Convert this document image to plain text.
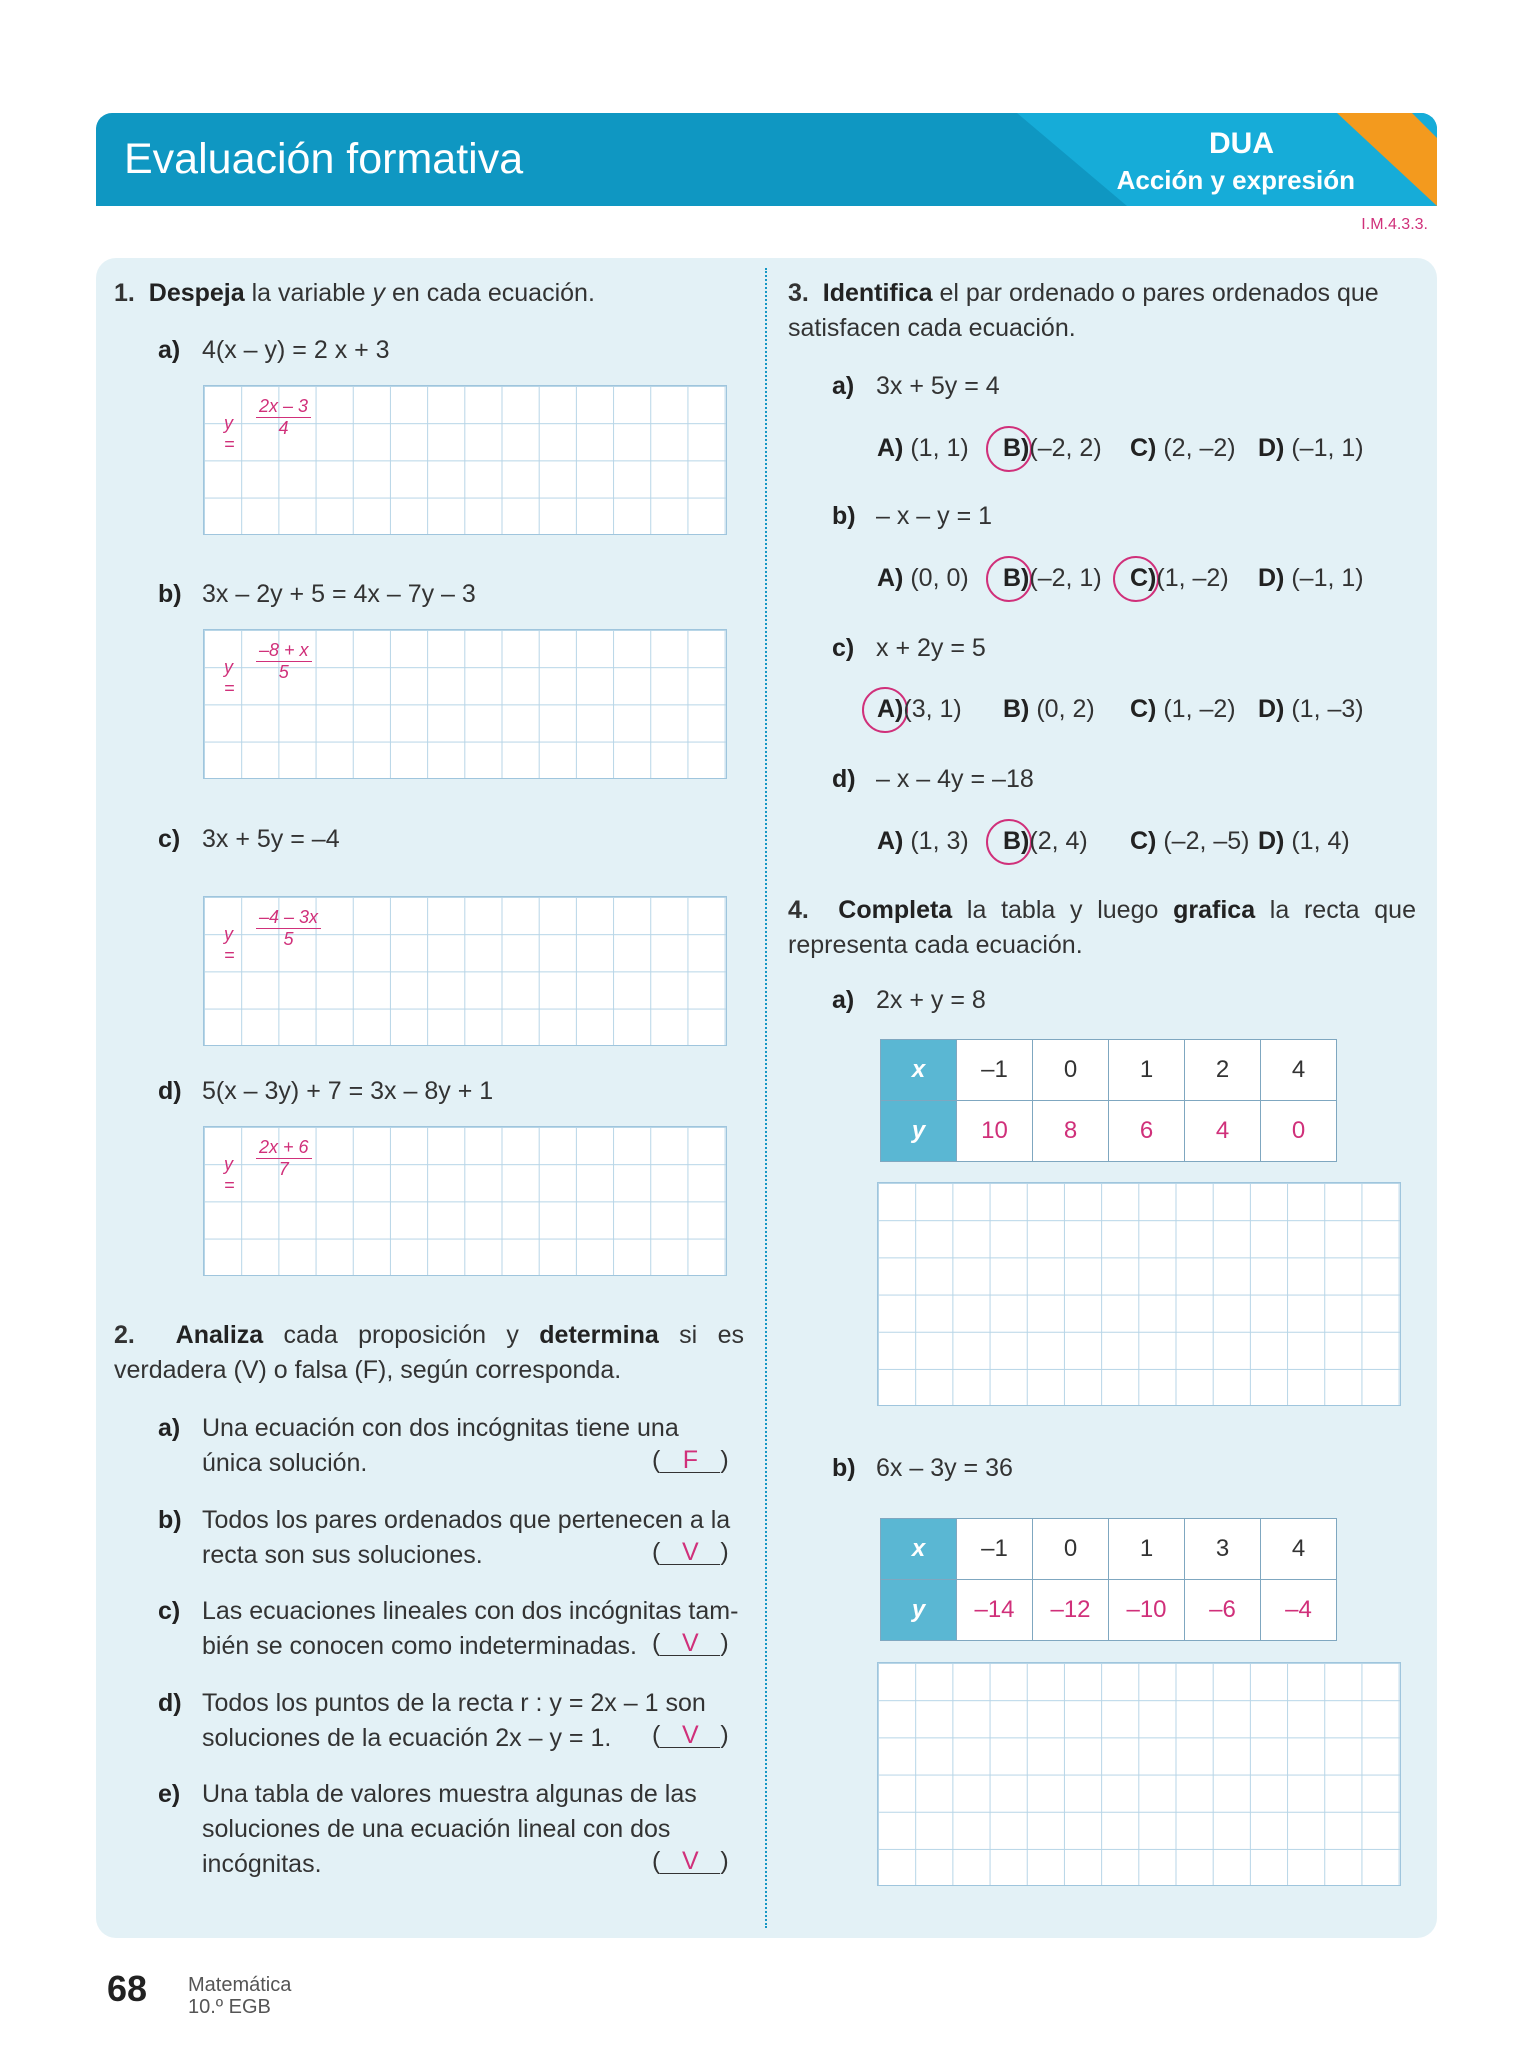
Evaluación formativa	DUA
Acción y expresión
I.M.4.3.3.
1. Despeja la variable y en cada ecuación.
a) 4(x – y) = 2 x + 3
y =
$\frac{2x - 3}{4}$
b) 3x – 2y + 5 = 4x – 7y – 3
y =
$\frac{-8 + x}{5}$
c) 3x + 5y = –4
y =
$\frac{-4 - 3x}{5}$
d) 5(x – 3y) + 7 = 3x – 8y + 1
y =
$\frac{2x + 6}{7}$
2. Analiza cada proposición y determina si es verdadera (V) o falsa (F), según corresponda.
a) Una ecuación con dos incógnitas tiene una
única solución.	( F )
b) Todos los pares ordenados que pertenecen a la
recta son sus soluciones.	( V )
c) Las ecuaciones lineales con dos incógnitas tam-
bién se conocen como indeterminadas. ( V )
d) Todos los puntos de la recta r : y = 2x – 1 son
soluciones de la ecuación 2x – y = 1.	( V )
e) Una tabla de valores muestra algunas de las
soluciones de una ecuación lineal con dos
incógnitas.	( V )
3. Identifica el par ordenado o pares ordenados que satisfacen cada ecuación.
a) 3x + 5y = 4
A) (1, 1) B)(–2, 2) C) (2, –2) D) (–1, 1)
b) – x – y = 1
A) (0, 0) B)(–2, 1) C)(1, –2) D) (–1, 1)
c) x + 2y = 5
A)(3, 1) B) (0, 2) C) (1, –2) D) (1, –3)
d) – x – 4y = –18
A) (1, 3) B)(2, 4) C) (–2, –5) D) (1, 4)
4. Completa la tabla y luego grafica la recta que representa cada ecuación.
a) 2x + y = 8
x	–1	0	1	2	4
y	10	8	6	4	0
b) 6x – 3y = 36
x	–1	0	1	3	4
y	–14	–12	–10	–6	–4
68 Matemática
10.º EGB
